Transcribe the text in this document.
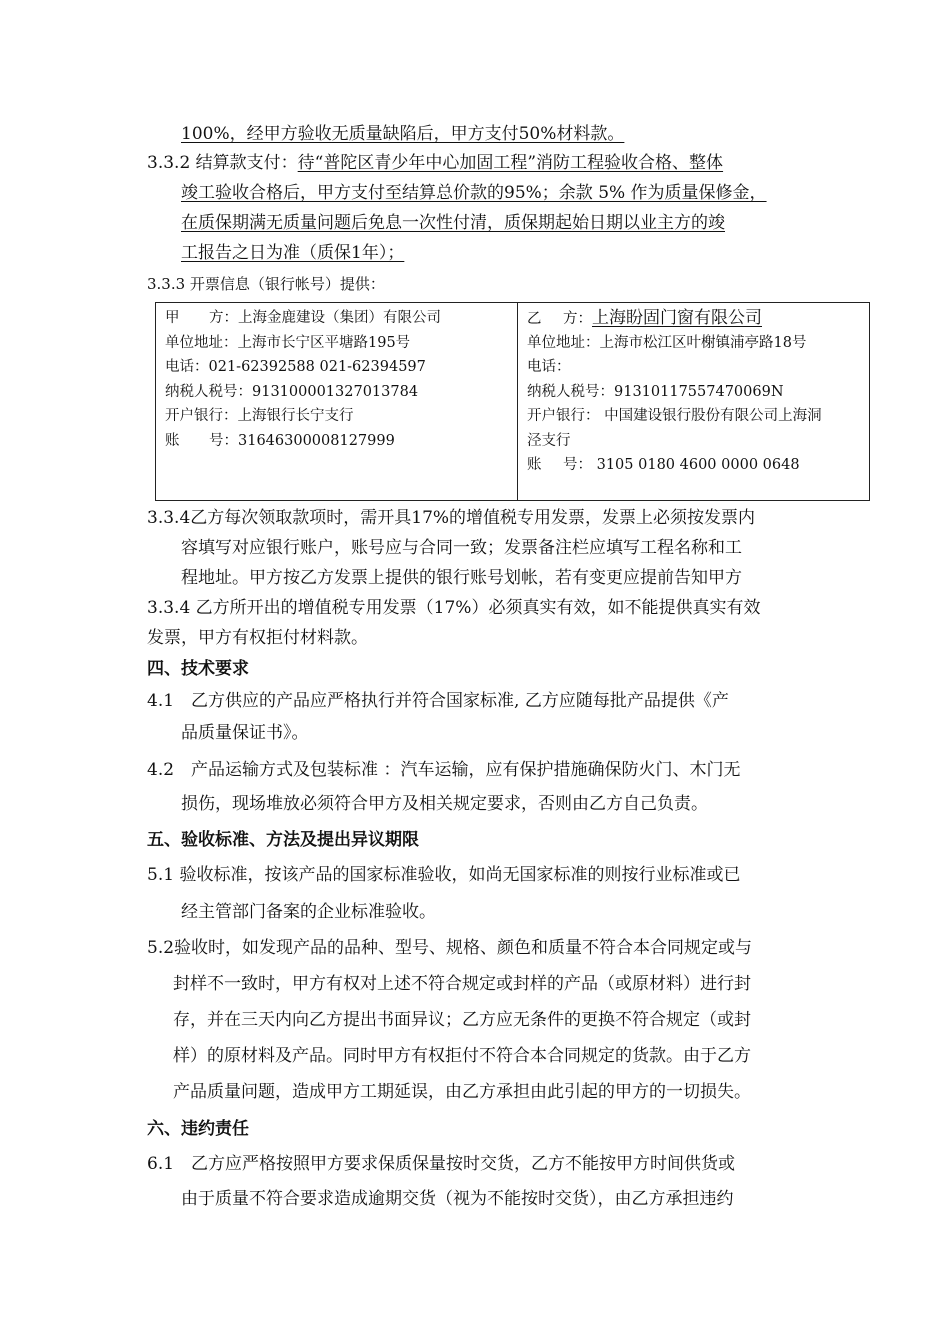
100%，经甲方验收无质量缺陷后，甲方支付50%材料款。
3.3.2 结算款支付：待“普陀区青少年中心加固工程”消防工程验收合格、整体
竣工验收合格后，甲方支付至结算总价款的95%；余款 5% 作为质量保修金，
在质保期满无质量问题后免息一次性付清，质保期起始日期以业主方的竣
工报告之日为准（质保1年）；
3.3.3 开票信息（银行帐号）提供：
甲 方：上海金鹿建设（集团）有限公司
单位地址：上海市长宁区平塘路195号
电话：021-62392588 021-62394597
纳税人税号：913100001327013784
开户银行：上海银行长宁支行
账 号：31646300008127999
乙 方：上海盼固门窗有限公司
单位地址：上海市松江区叶榭镇浦亭路18号
电话：
纳税人税号：91310117557470069N
开户银行： 中国建设银行股份有限公司上海洞
泾支行
账 号： 3105 0180 4600 0000 0648
3.3.4乙方每次领取款项时，需开具17%的增值税专用发票，发票上必须按发票内
容填写对应银行账户，账号应与合同一致；发票备注栏应填写工程名称和工
程地址。甲方按乙方发票上提供的银行账号划帐，若有变更应提前告知甲方
3.3.4 乙方所开出的增值税专用发票（17%）必须真实有效，如不能提供真实有效
发票，甲方有权拒付材料款。
四、技术要求
4.1　乙方供应的产品应严格执行并符合国家标准, 乙方应随每批产品提供《产
品质量保证书》。
4.2　产品运输方式及包装标准 ：汽车运输，应有保护措施确保防火门、木门无
损伤，现场堆放必须符合甲方及相关规定要求，否则由乙方自己负责。
五、验收标准、方法及提出异议期限
5.1 验收标准，按该产品的国家标准验收，如尚无国家标准的则按行业标准或已
经主管部门备案的企业标准验收。
5.2验收时，如发现产品的品种、型号、规格、颜色和质量不符合本合同规定或与
封样不一致时，甲方有权对上述不符合规定或封样的产品（或原材料）进行封
存，并在三天内向乙方提出书面异议；乙方应无条件的更换不符合规定（或封
样）的原材料及产品。同时甲方有权拒付不符合本合同规定的货款。由于乙方
产品质量问题，造成甲方工期延误，由乙方承担由此引起的甲方的一切损失。
六、违约责任
6.1　乙方应严格按照甲方要求保质保量按时交货，乙方不能按甲方时间供货或
由于质量不符合要求造成逾期交货（视为不能按时交货），由乙方承担违约
